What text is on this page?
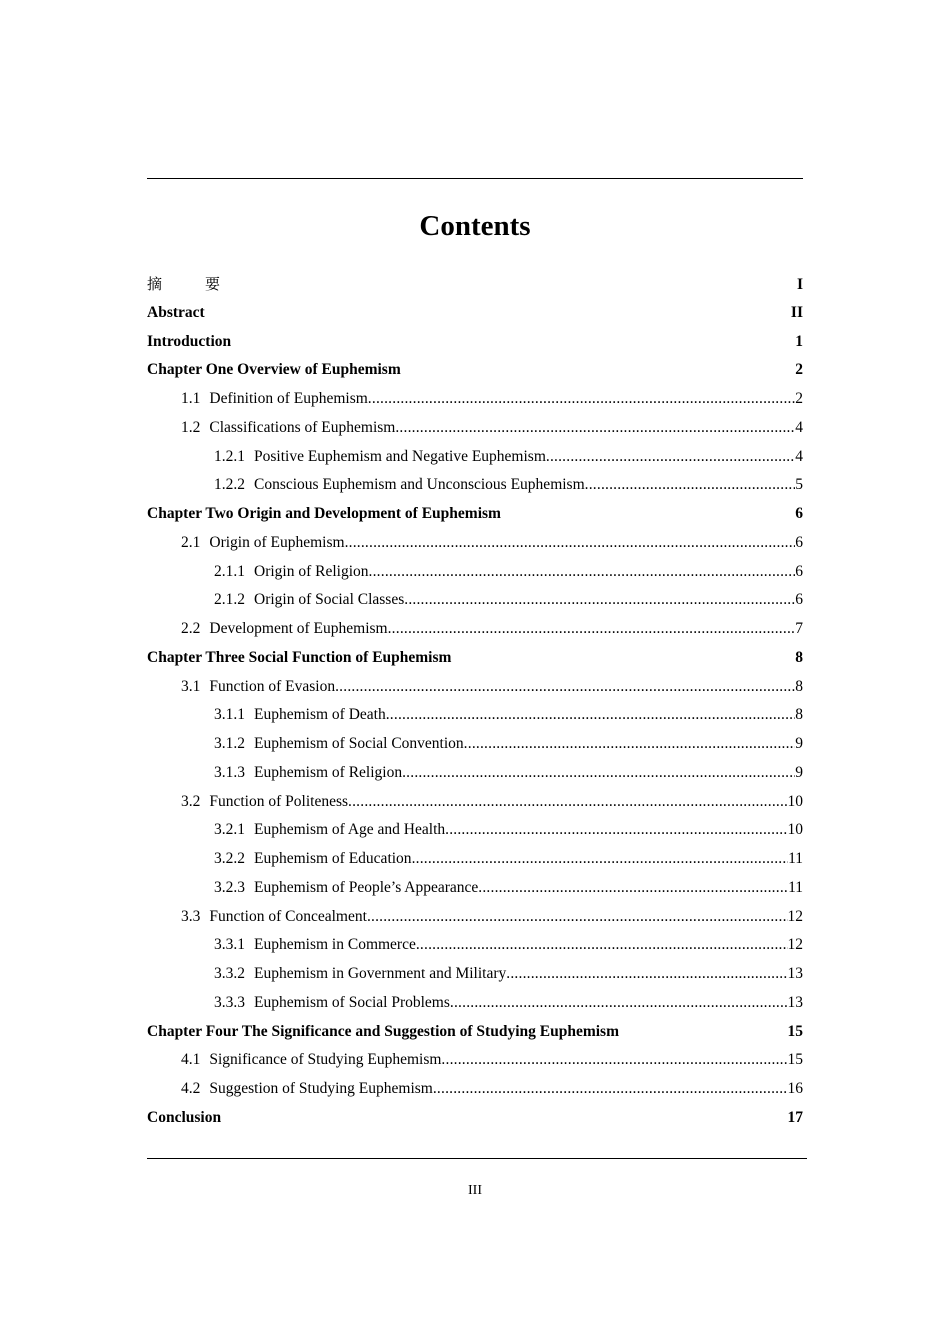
Contents
摘　要	I
Abstract	II
Introduction	1
Chapter One Overview of Euphemism	2
1.1 Definition of Euphemism .....	2
1.2 Classifications of Euphemism .....	4
1.2.1 Positive Euphemism and Negative Euphemism .....	4
1.2.2 Conscious Euphemism and Unconscious Euphemism .....	5
Chapter Two Origin and Development of Euphemism	6
2.1 Origin of Euphemism .....	6
2.1.1 Origin of Religion .....	6
2.1.2 Origin of Social Classes .....	6
2.2 Development of Euphemism .....	7
Chapter Three Social Function of Euphemism	8
3.1 Function of Evasion .....	8
3.1.1 Euphemism of Death .....	8
3.1.2 Euphemism of Social Convention .....	9
3.1.3 Euphemism of Religion .....	9
3.2 Function of Politeness .....	10
3.2.1 Euphemism of Age and Health .....	10
3.2.2 Euphemism of Education .....	11
3.2.3 Euphemism of People’s Appearance .....	11
3.3 Function of Concealment .....	12
3.3.1 Euphemism in Commerce .....	12
3.3.2 Euphemism in Government and Military .....	13
3.3.3 Euphemism of Social Problems .....	13
Chapter Four The Significance and Suggestion of Studying Euphemism	15
4.1 Significance of Studying Euphemism .....	15
4.2 Suggestion of Studying Euphemism .....	16
Conclusion	17
III
